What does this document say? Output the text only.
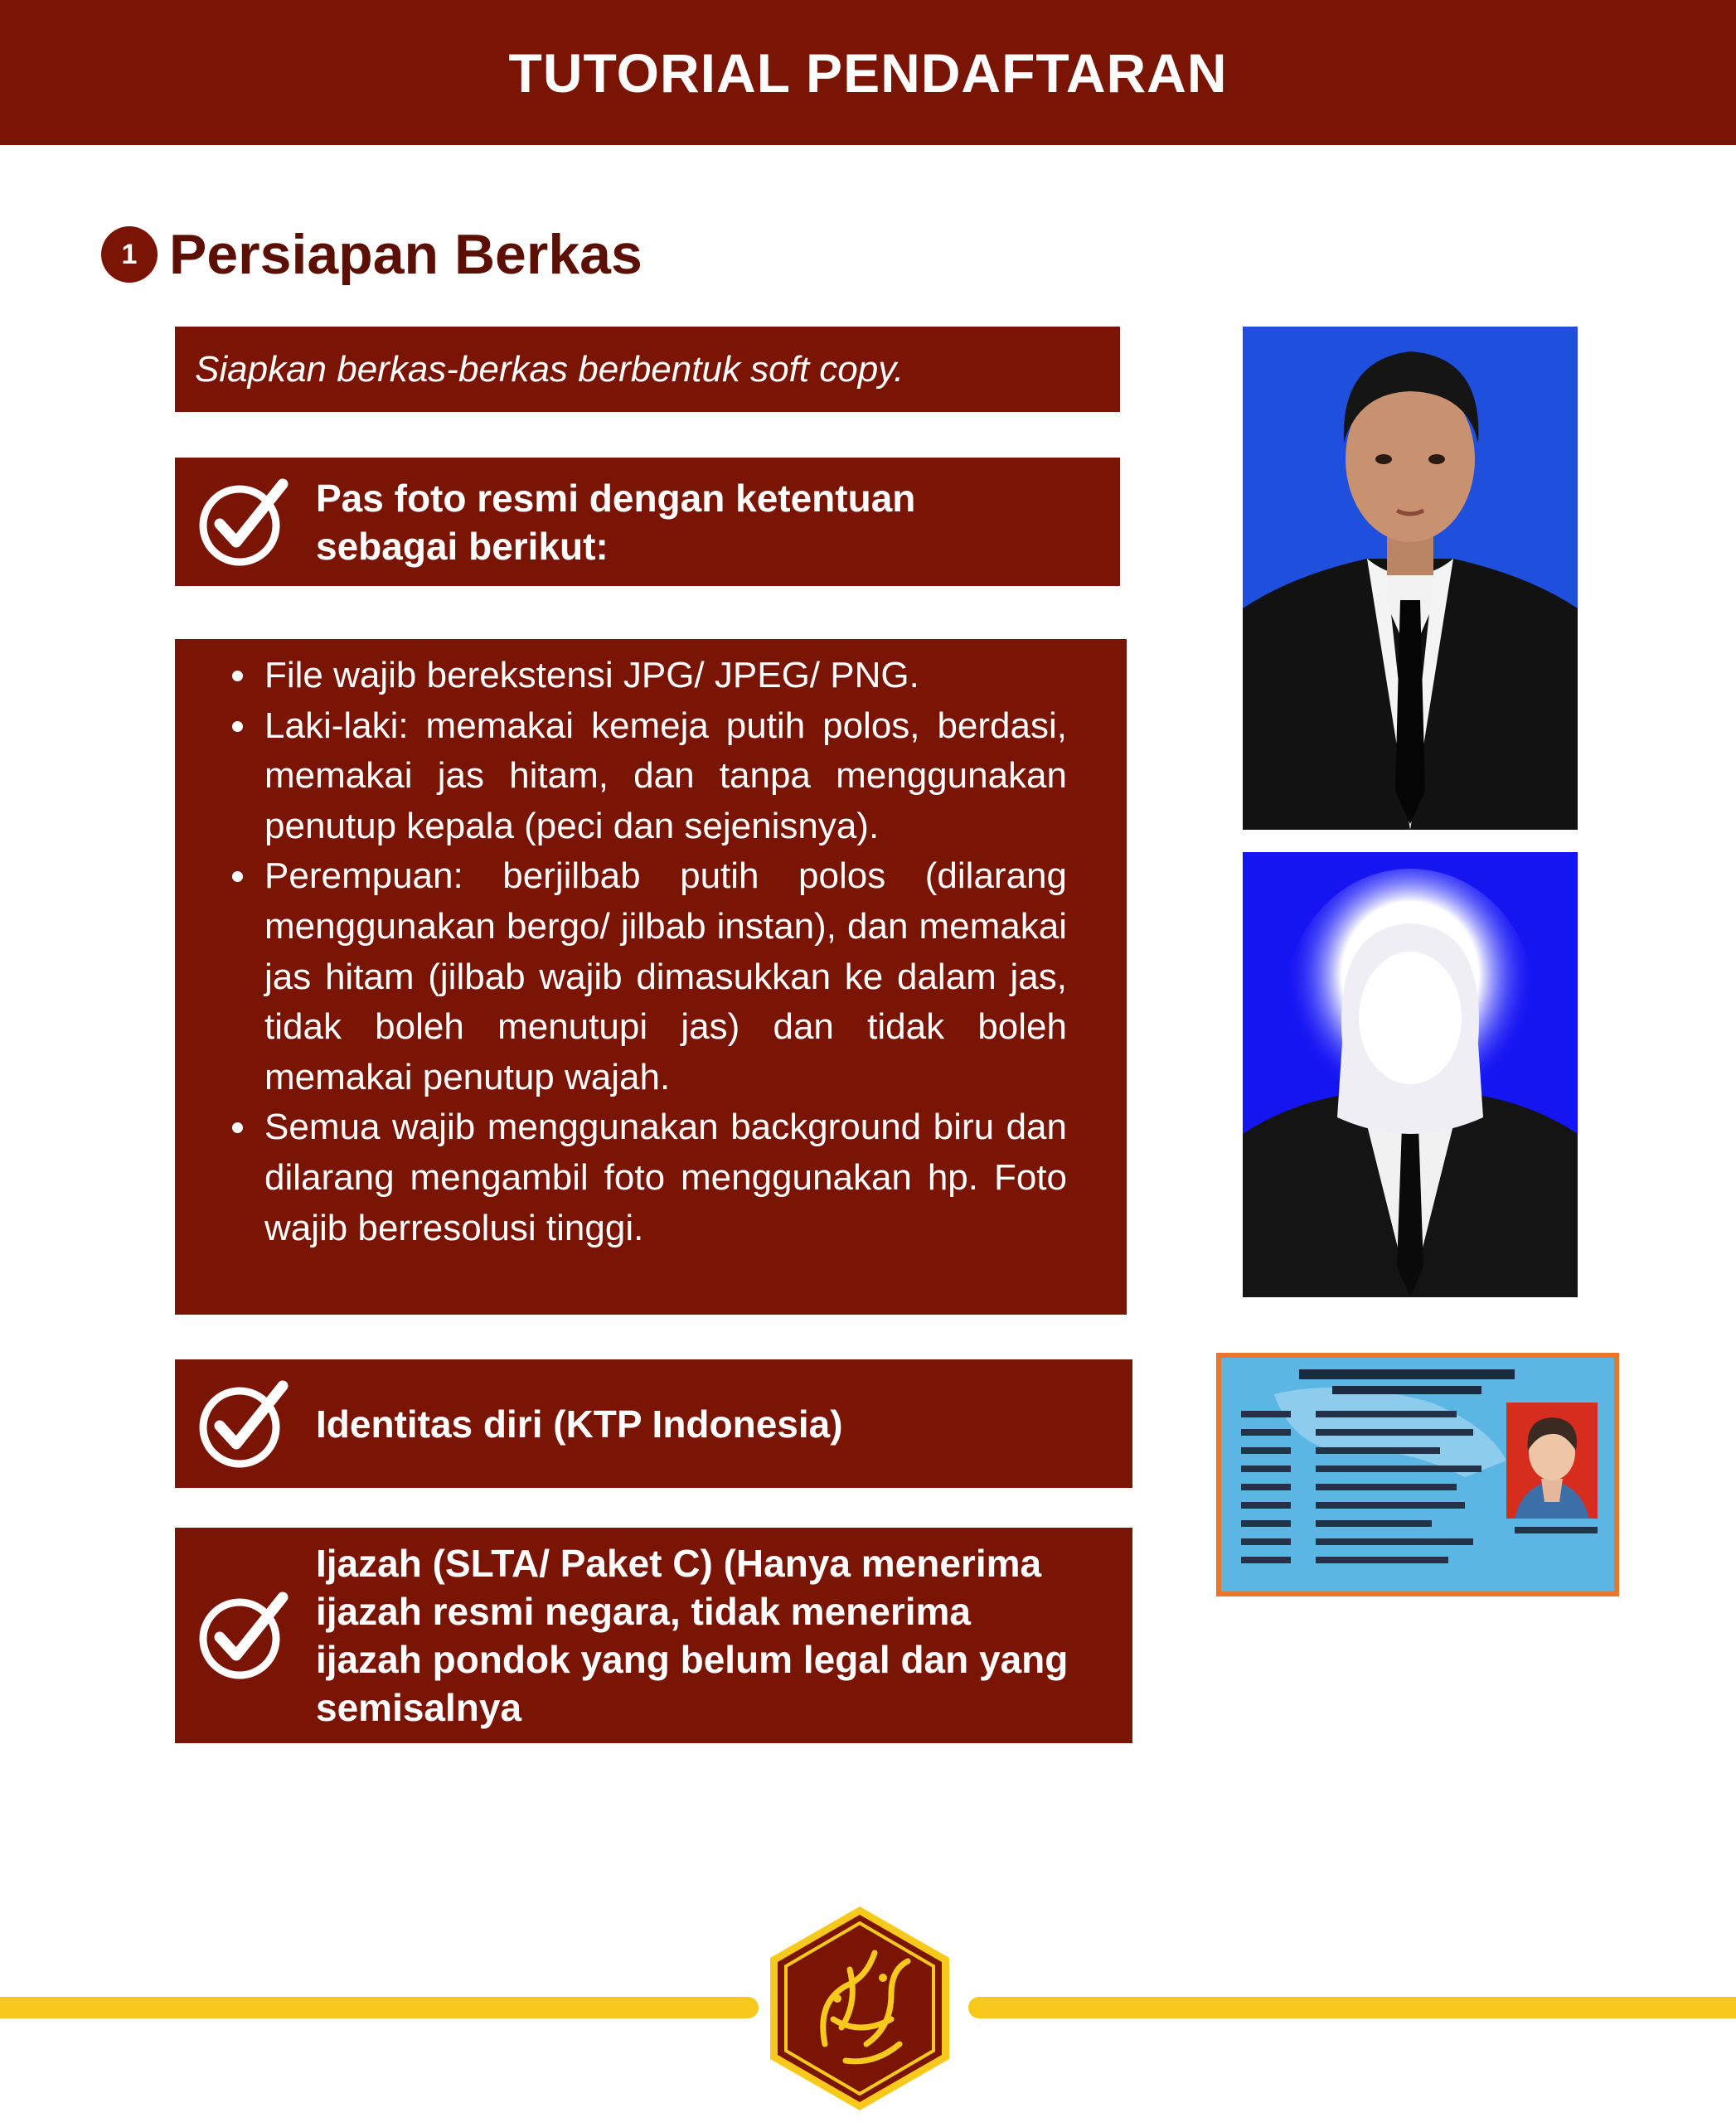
TUTORIAL PENDAFTARAN
1 Persiapan Berkas
Siapkan berkas-berkas berbentuk soft copy.
Pas foto resmi dengan ketentuan sebagai berikut:
• File wajib berekstensi JPG/ JPEG/ PNG.
• Laki-laki: memakai kemeja putih polos, berdasi, memakai jas hitam, dan tanpa menggunakan penutup kepala (peci dan sejenisnya).
• Perempuan: berjilbab putih polos (dilarang menggunakan bergo/ jilbab instan), dan memakai jas hitam (jilbab wajib dimasukkan ke dalam jas, tidak boleh menutupi jas) dan tidak boleh memakai penutup wajah.
• Semua wajib menggunakan background biru dan dilarang mengambil foto menggunakan hp. Foto wajib berresolusi tinggi.
Identitas diri (KTP Indonesia)
Ijazah (SLTA/ Paket C) (Hanya menerima ijazah resmi negara, tidak menerima ijazah pondok yang belum legal dan yang semisalnya
